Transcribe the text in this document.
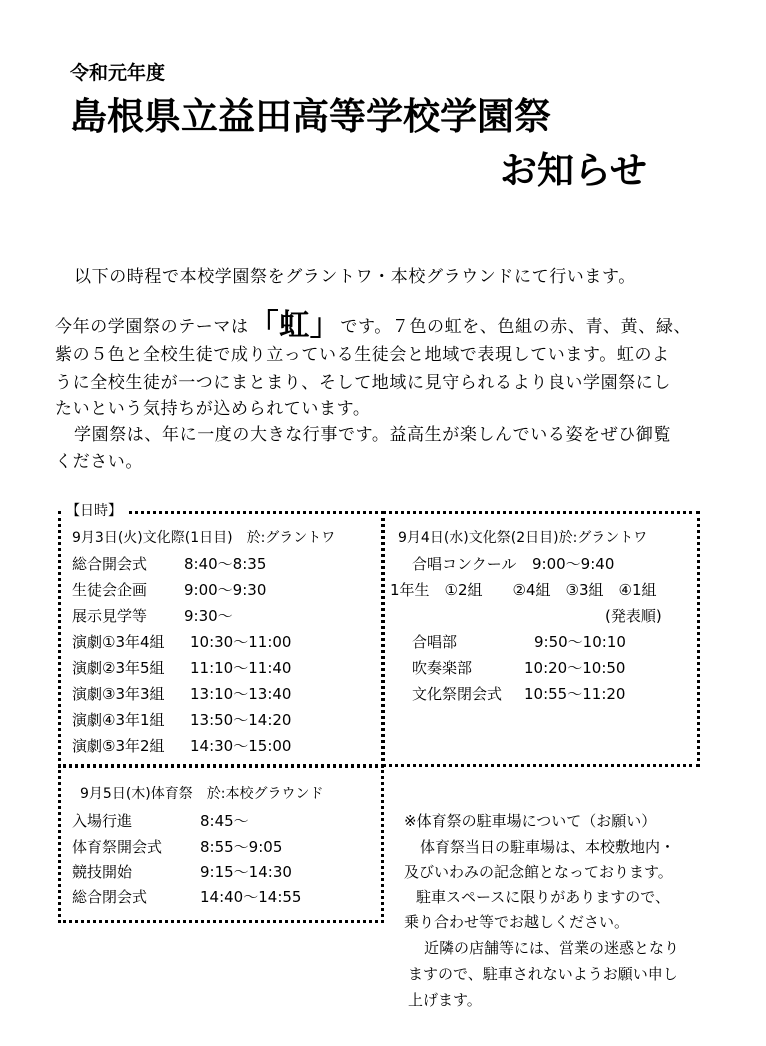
令和元年度
島根県立益田高等学校学園祭
お知らせ
以下の時程で本校学園祭をグラントワ・本校グラウンドにて行います。
今年の学園祭のテーマは「虹」です。７色の虹を、色組の赤、青、黄、緑、
紫の５色と全校生徒で成り立っている生徒会と地域で表現しています。虹のよ
うに全校生徒が一つにまとまり、そして地域に見守られるより良い学園祭にし
たいという気持ちが込められています。
学園祭は、年に一度の大きな行事です。益高生が楽しんでいる姿をぜひ御覧
ください。
【日時】
9月3日(火)文化際(1日目)　於:グラントワ
総合開会式 8:40～8:35
生徒会企画 9:00～9:30
展示見学等 9:30～
演劇①3年4組 10:30～11:00
演劇②3年5組 11:10～11:40
演劇③3年3組 13:10～13:40
演劇④3年1組 13:50～14:20
演劇⑤3年2組 14:30～15:00
9月4日(水)文化祭(2日目)於:グラントワ
合唱コンクール 9:00～9:40
1年生　①2組　　②4組　③3組　④1組
(発表順)
合唱部	9:50～10:10
吹奏楽部	10:20～10:50
文化祭閉会式 10:55～11:20
9月5日(木)体育祭　於:本校グラウンド
入場行進	8:45～
体育祭開会式	8:55～9:05
競技開始	9:15～14:30
総合閉会式	14:40～14:55
※体育祭の駐車場について（お願い）
体育祭当日の駐車場は、本校敷地内・
及びいわみの記念館となっております。
駐車スペースに限りがありますので、
乗り合わせ等でお越しください。
近隣の店舗等には、営業の迷惑となり
ますので、駐車されないようお願い申し
上げます。
